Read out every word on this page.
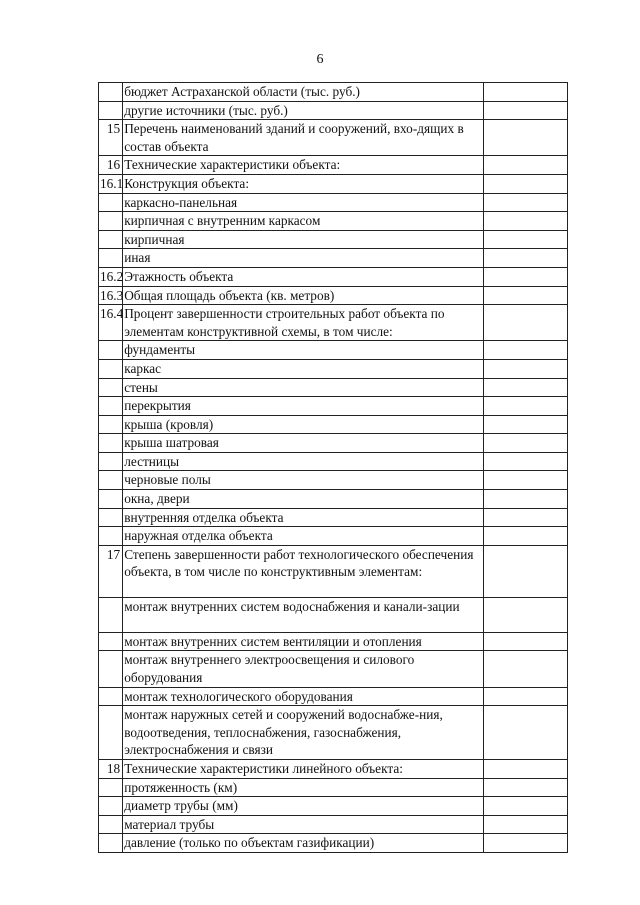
6
	бюджет Астраханской области (тыс. руб.)	
	другие источники (тыс. руб.)	
15	Перечень наименований зданий и сооружений, вхо-дящих в состав объекта	
16	Технические характеристики объекта:	
16.1	Конструкция объекта:	
	каркасно-панельная	
	кирпичная с внутренним каркасом	
	кирпичная	
	иная	
16.2	Этажность объекта	
16.3	Общая площадь объекта (кв. метров)	
16.4	Процент завершенности строительных работ объекта по элементам конструктивной схемы, в том числе:	
	фундаменты	
	каркас	
	стены	
	перекрытия	
	крыша (кровля)	
	крыша шатровая	
	лестницы	
	черновые полы	
	окна, двери	
	внутренняя отделка объекта	
	наружная отделка объекта	
17	Степень завершенности работ технологического обеспечения объекта, в том числе по конструктивным элементам:	
	монтаж внутренних систем водоснабжения и канали-зации	
	монтаж внутренних систем вентиляции и отопления	
	монтаж внутреннего электроосвещения и силового оборудования	
	монтаж технологического оборудования	
	монтаж наружных сетей и сооружений водоснабже-ния, водоотведения, теплоснабжения, газоснабжения, электроснабжения и связи	
18	Технические характеристики линейного объекта:	
	протяженность (км)	
	диаметр трубы (мм)	
	материал трубы	
	давление (только по объектам газификации)	
